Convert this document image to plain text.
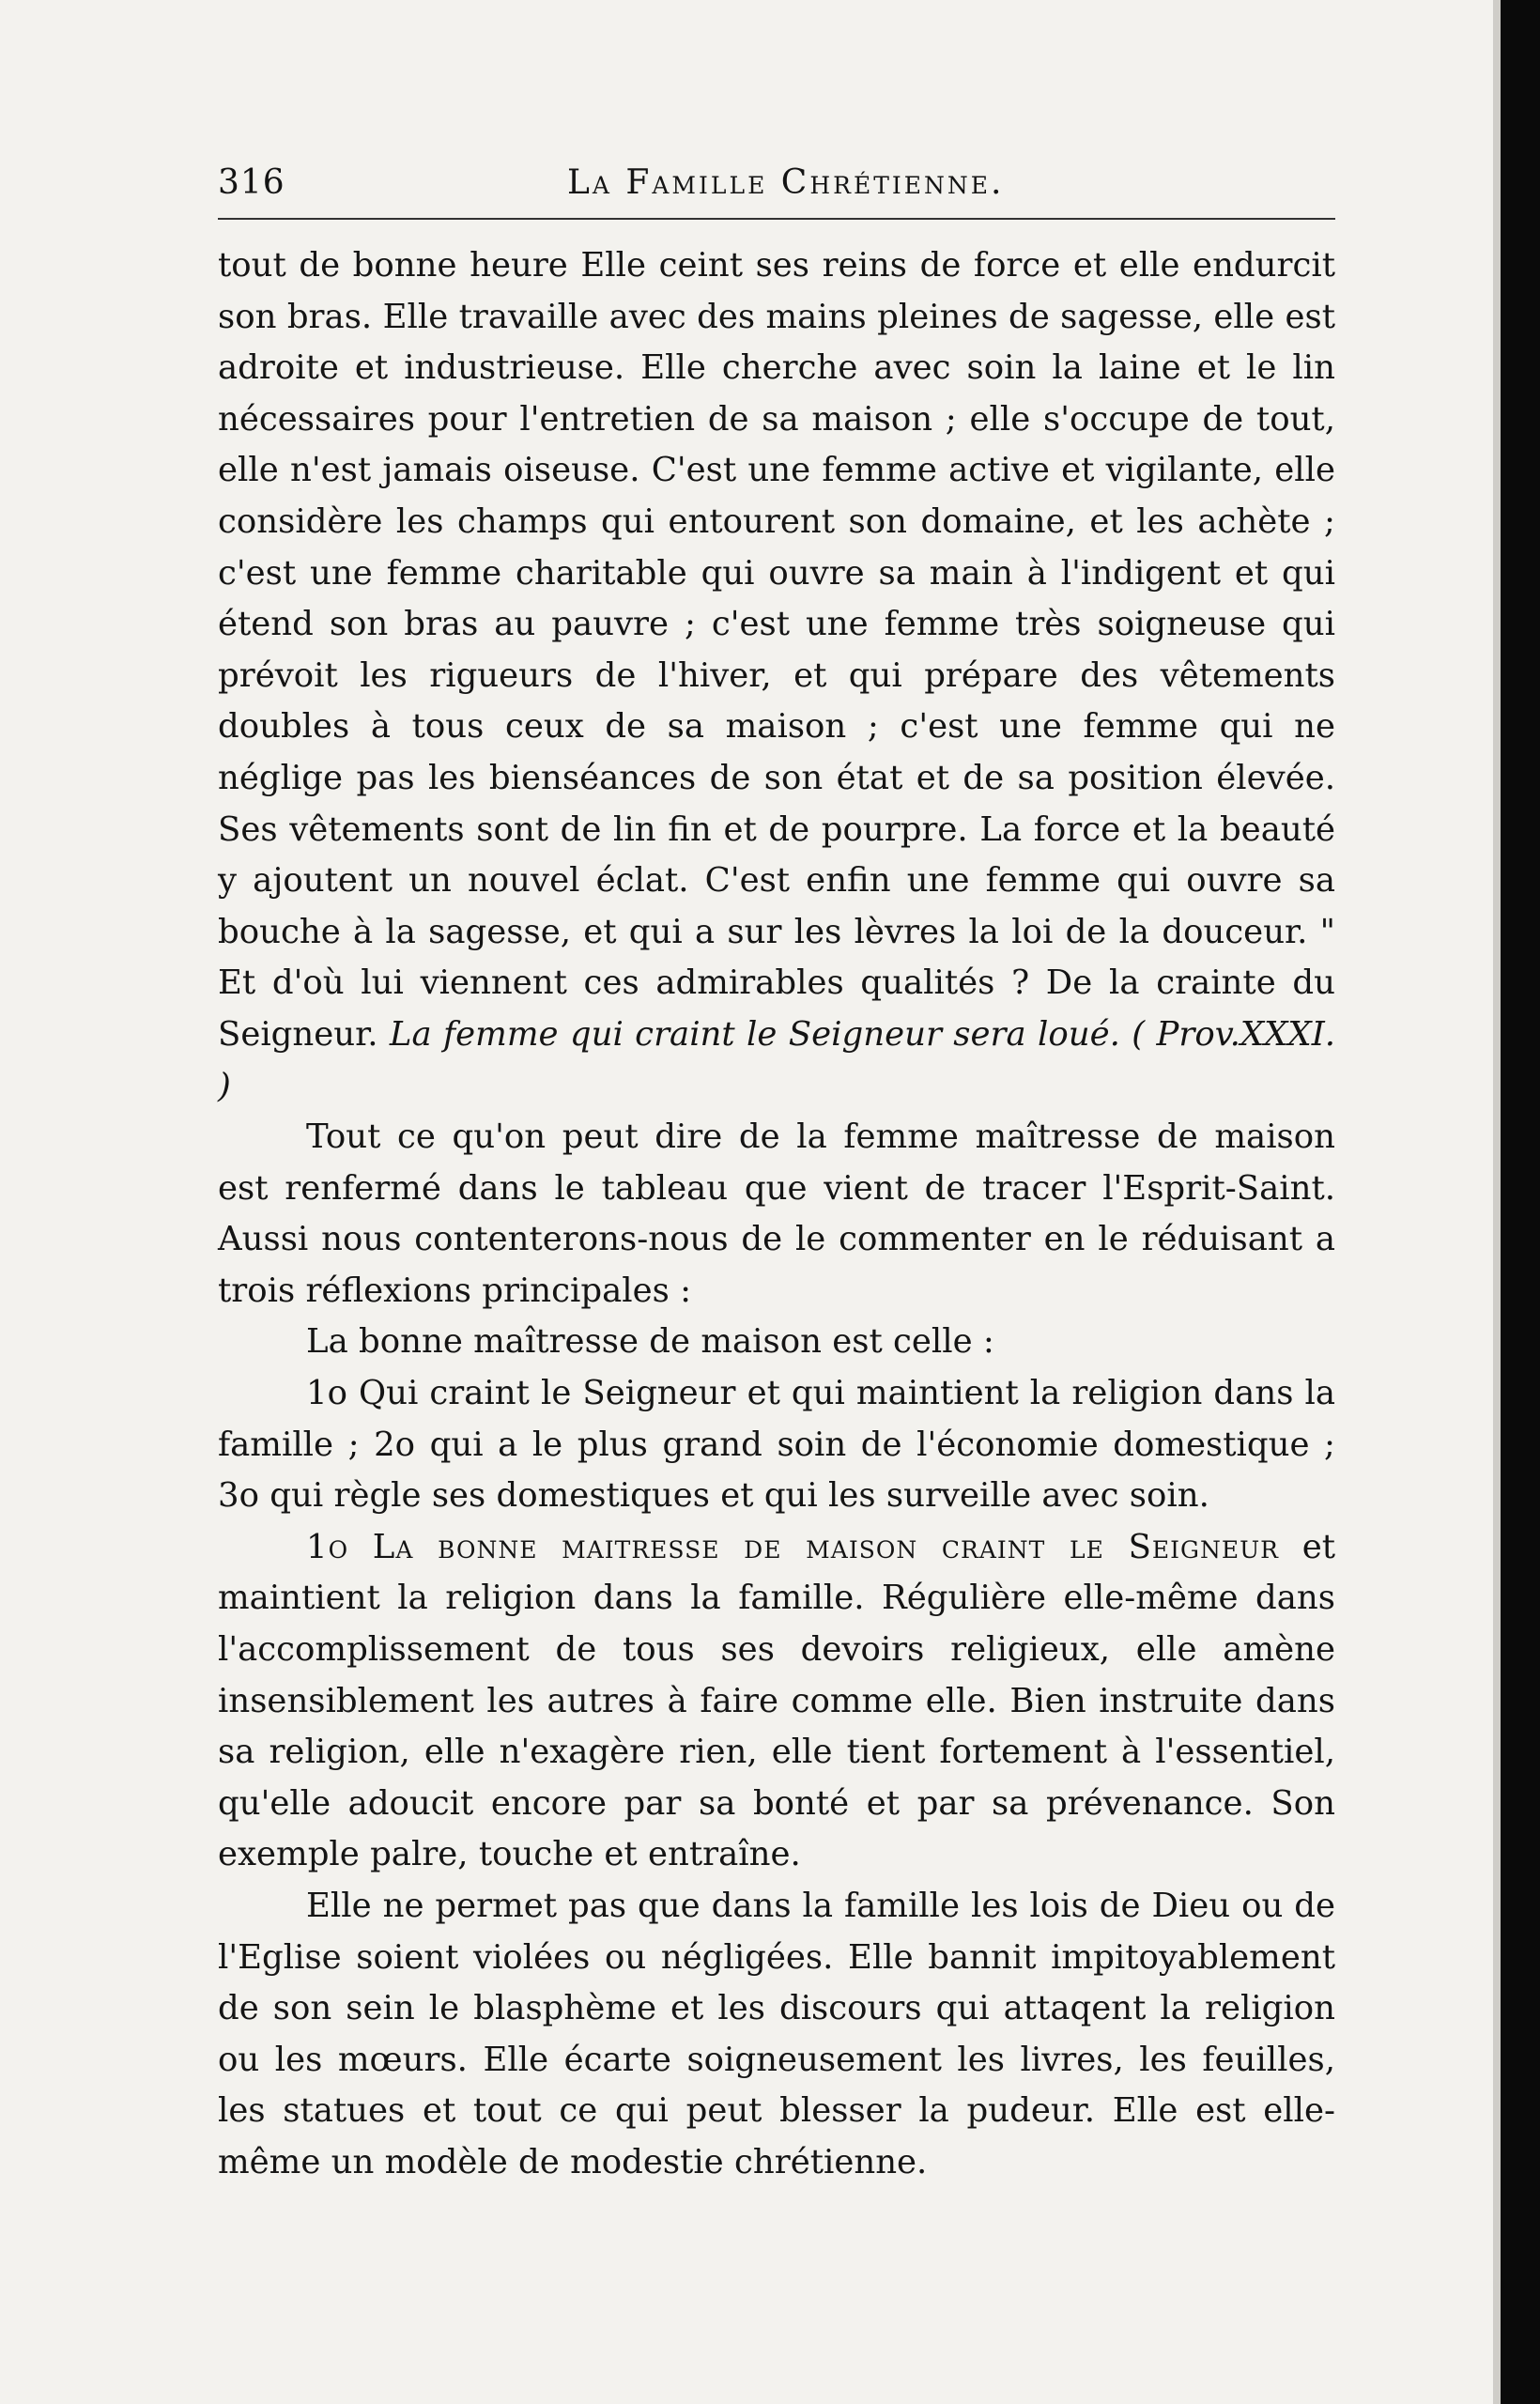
316	La Famille Chrétienne.

tout de bonne heure Elle ceint ses reins de force et elle endurcit son bras. Elle travaille avec des mains pleines de sagesse, elle est adroite et industrieuse. Elle cherche avec soin la laine et le lin nécessaires pour l'entretien de sa maison ; elle s'occupe de tout, elle n'est jamais oiseuse. C'est une femme active et vigilante, elle considère les champs qui entourent son domaine, et les achète ; c'est une femme charitable qui ouvre sa main à l'indigent et qui étend son bras au pauvre ; c'est une femme très soigneuse qui prévoit les rigueurs de l'hiver, et qui prépare des vêtements doubles à tous ceux de sa maison ; c'est une femme qui ne néglige pas les bienséances de son état et de sa position élevée. Ses vêtements sont de lin fin et de pourpre. La force et la beauté y ajoutent un nouvel éclat. C'est enfin une femme qui ouvre sa bouche à la sagesse, et qui a sur les lèvres la loi de la douceur. " Et d'où lui viennent ces admirables qualités ? De la crainte du Seigneur. La femme qui craint le Seigneur sera loué. ( Prov.XXXI. )

Tout ce qu'on peut dire de la femme maîtresse de maison est renfermé dans le tableau que vient de tracer l'Esprit-Saint. Aussi nous contenterons-nous de le commenter en le réduisant a trois réflexions principales :

La bonne maîtresse de maison est celle :

1o Qui craint le Seigneur et qui maintient la religion dans la famille ; 2o qui a le plus grand soin de l'économie domestique ; 3o qui règle ses domestiques et qui les surveille avec soin.

1o La bonne maitresse de maison craint le Seigneur et maintient la religion dans la famille. Régulière elle-même dans l'accomplissement de tous ses devoirs religieux, elle amène insensiblement les autres à faire comme elle. Bien instruite dans sa religion, elle n'exagère rien, elle tient fortement à l'essentiel, qu'elle adoucit encore par sa bonté et par sa prévenance. Son exemple palre, touche et entraîne.

Elle ne permet pas que dans la famille les lois de Dieu ou de l'Eglise soient violées ou négligées. Elle bannit impitoyablement de son sein le blasphème et les discours qui attaqent la religion ou les mœurs. Elle écarte soigneusement les livres, les feuilles, les statues et tout ce qui peut blesser la pudeur. Elle est elle-même un modèle de modestie chrétienne.
